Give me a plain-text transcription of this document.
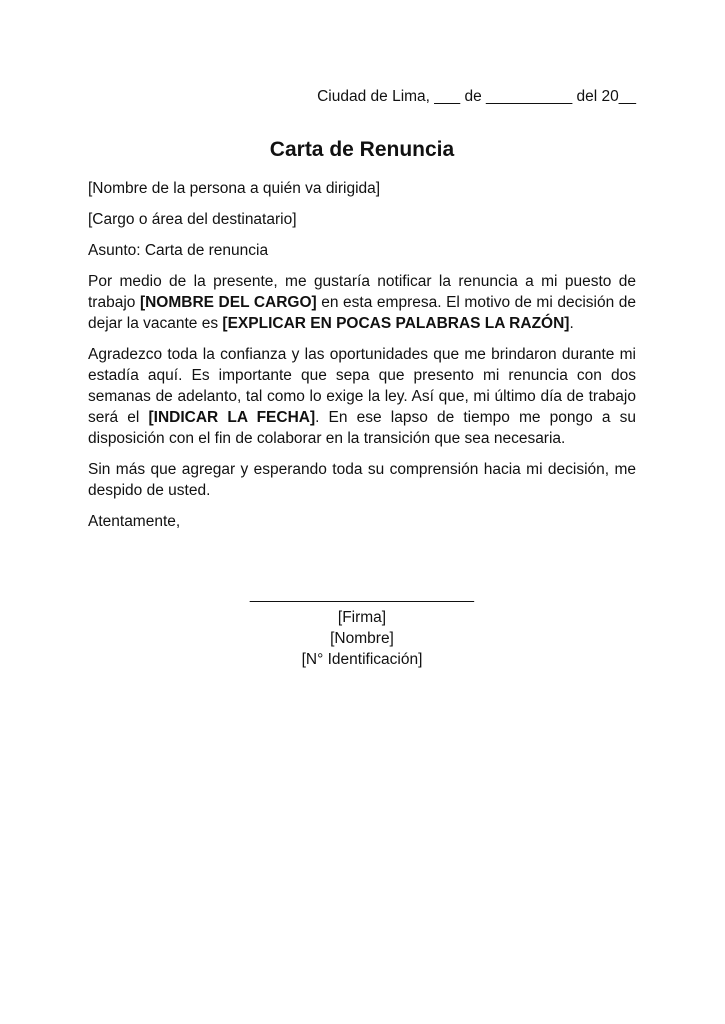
Ciudad de Lima, ___ de __________ del 20__

Carta de Renuncia

[Nombre de la persona a quién va dirigida]

[Cargo o área del destinatario]

Asunto: Carta de renuncia

Por medio de la presente, me gustaría notificar la renuncia a mi puesto de trabajo [NOMBRE DEL CARGO] en esta empresa. El motivo de mi decisión de dejar la vacante es [EXPLICAR EN POCAS PALABRAS LA RAZÓN].

Agradezco toda la confianza y las oportunidades que me brindaron durante mi estadía aquí. Es importante que sepa que presento mi renuncia con dos semanas de adelanto, tal como lo exige la ley. Así que, mi último día de trabajo será el [INDICAR LA FECHA]. En ese lapso de tiempo me pongo a su disposición con el fin de colaborar en la transición que sea necesaria.

Sin más que agregar y esperando toda su comprensión hacia mi decisión, me despido de usted.

Atentamente,

__________________________
[Firma]
[Nombre]
[N° Identificación]
